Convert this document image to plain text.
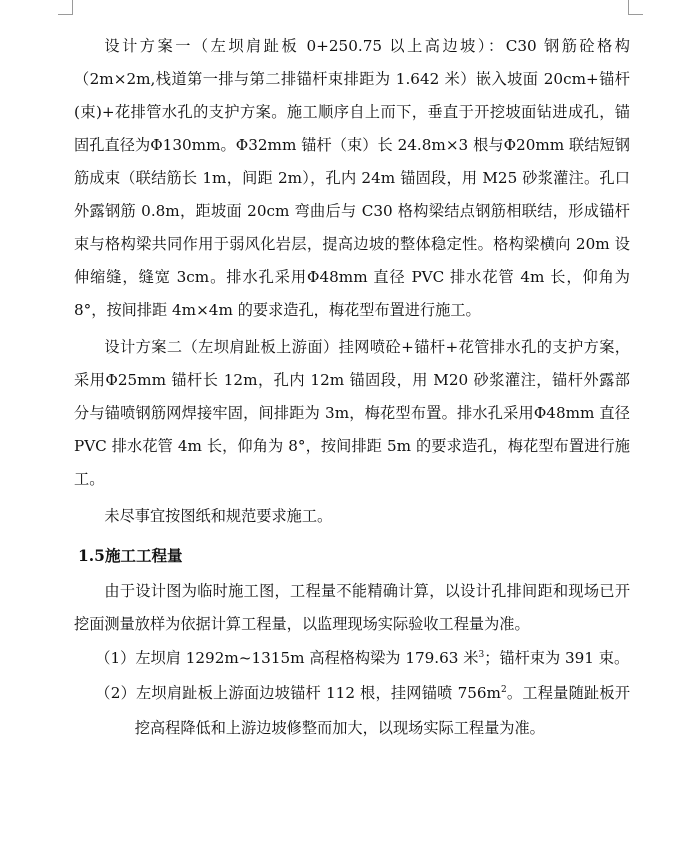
设计方案一（左坝肩趾板 0+250.75 以上高边坡）：C30 钢筋砼格构（2m×2m,栈道第一排与第二排锚杆束排距为 1.642 米）嵌入坡面 20cm+锚杆(束)+花排管水孔的支护方案。施工顺序自上而下，垂直于开挖坡面钻进成孔，锚固孔直径为Φ130mm。Φ32mm 锚杆（束）长 24.8m×3 根与Φ20mm 联结短钢筋成束（联结筋长 1m，间距 2m），孔内 24m 锚固段，用 M25 砂浆灌注。孔口外露钢筋 0.8m，距坡面 20cm 弯曲后与 C30 格构梁结点钢筋相联结，形成锚杆束与格构梁共同作用于弱风化岩层，提高边坡的整体稳定性。格构梁横向 20m 设伸缩缝，缝宽 3cm。排水孔采用Φ48mm 直径 PVC 排水花管 4m 长，仰角为 8°，按间排距 4m×4m 的要求造孔，梅花型布置进行施工。

设计方案二（左坝肩趾板上游面）挂网喷砼+锚杆+花管排水孔的支护方案，采用Φ25mm 锚杆长 12m，孔内 12m 锚固段，用 M20 砂浆灌注，锚杆外露部分与锚喷钢筋网焊接牢固，间排距为 3m，梅花型布置。排水孔采用Φ48mm 直径 PVC 排水花管 4m 长，仰角为 8°，按间排距 5m 的要求造孔，梅花型布置进行施工。

未尽事宜按图纸和规范要求施工。

1.5施工工程量

由于设计图为临时施工图，工程量不能精确计算，以设计孔排间距和现场已开挖面测量放样为依据计算工程量，以监理现场实际验收工程量为准。

（1）左坝肩 1292m~1315m 高程格构梁为 179.63 米$^3$；锚杆束为 391 束。

（2）左坝肩趾板上游面边坡锚杆 112 根，挂网锚喷 $756m^2$。工程量随趾板开挖高程降低和上游边坡修整而加大，以现场实际工程量为准。
